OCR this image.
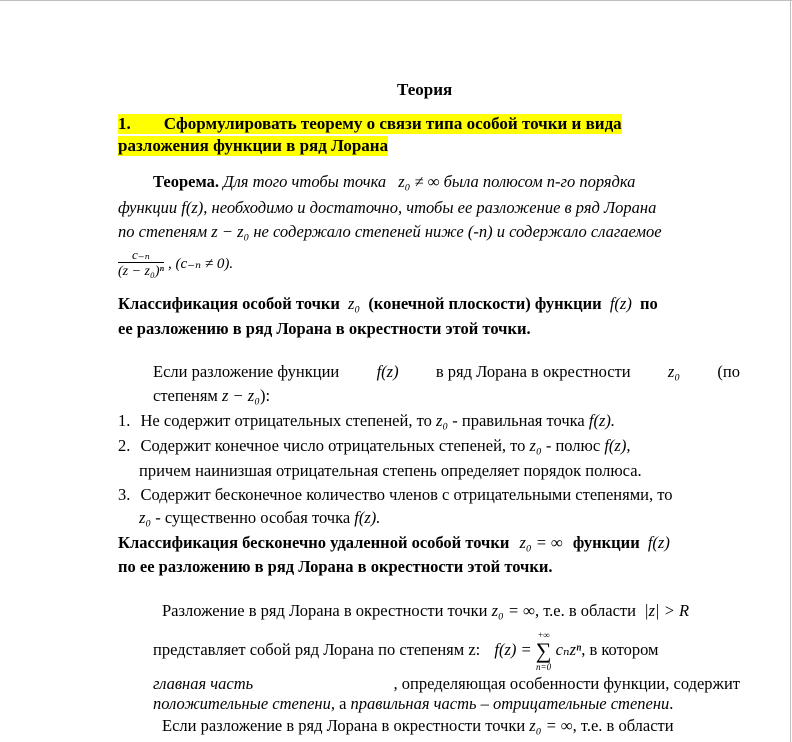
Теория
1. Сформулировать теорему о связи типа особой точки и вида
разложения функции в ряд Лорана
Теорема. Для того чтобы точка z₀ ≠ ∞ была полюсом n-го порядка
функции f(z), необходимо и достаточно, чтобы ее разложение в ряд Лорана
по степеням z − z₀ не содержало степеней ниже (-n) и содержало слагаемое
$\frac{\text{c₋ₙ}}{\text{(z − z₀)ⁿ}}$ , (c₋ₙ ≠ 0).
Классификация особой точки z₀ (конечной плоскости) функции f(z) по
ее разложению в ряд Лорана в окрестности этой точки.
Если разложение функции f(z) в ряд Лорана в окрестности z₀ (по
степеням z − z₀):
1. Не содержит отрицательных степеней, то z₀ - правильная точка f(z).
2. Содержит конечное число отрицательных степеней, то z₀ - полюс f(z),
причем наинизшая отрицательная степень определяет порядок полюса.
3. Содержит бесконечное количество членов с отрицательными степенями, то
z₀ - существенно особая точка f(z).
Классификация бесконечно удаленной особой точки z₀ = ∞ функции f(z)
по ее разложению в ряд Лорана в окрестности этой точки.
Разложение в ряд Лорана в окрестности точки z₀ = ∞, т.е. в области |z| > R
представляет собой ряд Лорана по степеням z: f(z) =
+∞
∑
n=0
cₙzⁿ, в котором
главная часть	, определяющая особенности функции, содержит
положительные степени, а правильная часть – отрицательные степени.
Если разложение в ряд Лорана в окрестности точки z₀ = ∞, т.е. в области
